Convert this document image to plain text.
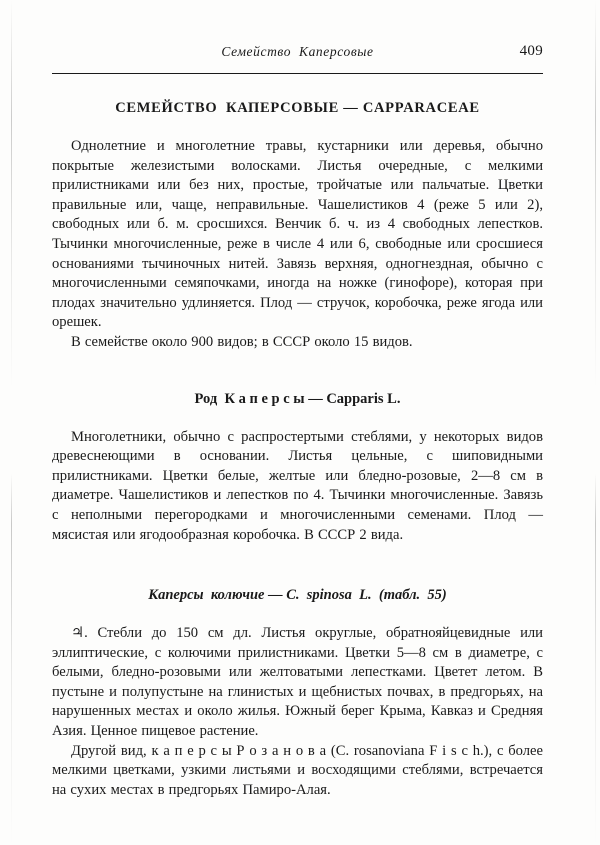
Семейство  Каперсовые	409
СЕМЕЙСТВО  КАПЕРСОВЫЕ — CAPPARACEAE

Однолетние и многолетние травы, кустарники или деревья, обычно покрытые железистыми волосками. Листья очередные, с мелкими прилистниками или без них, простые, тройчатые или пальчатые. Цветки правильные или, чаще, неправильные. Чашелистиков 4 (реже 5 или 2), свободных или б. м. сросшихся. Венчик б. ч. из 4 свободных лепестков. Тычинки многочисленные, реже в числе 4 или 6, свободные или сросшиеся основаниями тычиночных нитей. Завязь верхняя, одногнездная, обычно с многочисленными семяпочками, иногда на ножке (гинофоре), которая при плодах значительно удлиняется. Плод — стручок, коробочка, реже ягода или орешек.

В семействе около 900 видов; в СССР около 15 видов.

Род  К а п е р с ы — Capparis L.

Многолетники, обычно с распростертыми стеблями, у некоторых видов древеснеющими в основании. Листья цельные, с шиповидными прилистниками. Цветки белые, желтые или бледно-розовые, 2—8 см в диаметре. Чашелистиков и лепестков по 4. Тычинки многочисленные. Завязь с неполными перегородками и многочисленными семенами. Плод — мясистая или ягодообразная коробочка. В СССР 2 вида.

Каперсы  колючие — C.  spinosa  L.  (табл.  55)

♃. Стебли до 150 см дл. Листья округлые, обратнояйцевидные или эллиптические, с колючими прилистниками. Цветки 5—8 см в диаметре, с белыми, бледно-розовыми или желтоватыми лепестками. Цветет летом. В пустыне и полупустыне на глинистых и щебнистых почвах, в предгорьях, на нарушенных местах и около жилья. Южный берег Крыма, Кавказ и Средняя Азия. Ценное пищевое растение.

Другой вид, к а п е р с ы Р о з а н о в а (C. rosanoviana F i s c h.), с более мелкими цветками, узкими листьями и восходящими стеблями, встречается на сухих местах в предгорьях Памиро-Алая.
